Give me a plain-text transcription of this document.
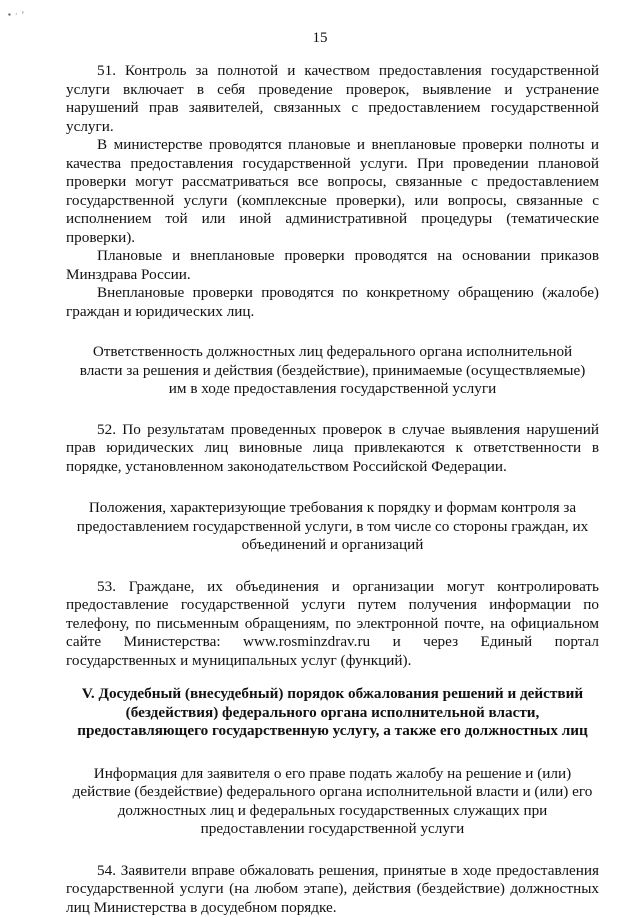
▪ · ’
15

51. Контроль за полнотой и качеством предоставления государственной услуги включает в себя проведение проверок, выявление и устранение нарушений прав заявителей, связанных с предоставлением государственной услуги.

В министерстве проводятся плановые и внеплановые проверки полноты и качества предоставления государственной услуги. При проведении плановой проверки могут рассматриваться все вопросы, связанные с предоставлением государственной услуги (комплексные проверки), или вопросы, связанные с исполнением той или иной административной процедуры (тематические проверки).

Плановые и внеплановые проверки проводятся на основании приказов Минздрава России.

Внеплановые проверки проводятся по конкретному обращению (жалобе) граждан и юридических лиц.

Ответственность должностных лиц федерального органа исполнительной власти за решения и действия (бездействие), принимаемые (осуществляемые) им в ходе предоставления государственной услуги

52. По результатам проведенных проверок в случае выявления нарушений прав юридических лиц виновные лица привлекаются к ответственности в порядке, установленном законодательством Российской Федерации.

Положения, характеризующие требования к порядку и формам контроля за предоставлением государственной услуги, в том числе со стороны граждан, их объединений и организаций

53. Граждане, их объединения и организации могут контролировать предоставление государственной услуги путем получения информации по телефону, по письменным обращениям, по электронной почте, на официальном сайте Министерства: www.rosminzdrav.ru и через Единый портал государственных и муниципальных услуг (функций).

V. Досудебный (внесудебный) порядок обжалования решений и действий (бездействия) федерального органа исполнительной власти, предоставляющего государственную услугу, а также его должностных лиц
Информация для заявителя о его праве подать жалобу на решение и (или) действие (бездействие) федерального органа исполнительной власти и (или) его должностных лиц и федеральных государственных служащих при предоставлении государственной услуги

54. Заявители вправе обжаловать решения, принятые в ходе предоставления государственной услуги (на любом этапе), действия (бездействие) должностных лиц Министерства в досудебном порядке.
